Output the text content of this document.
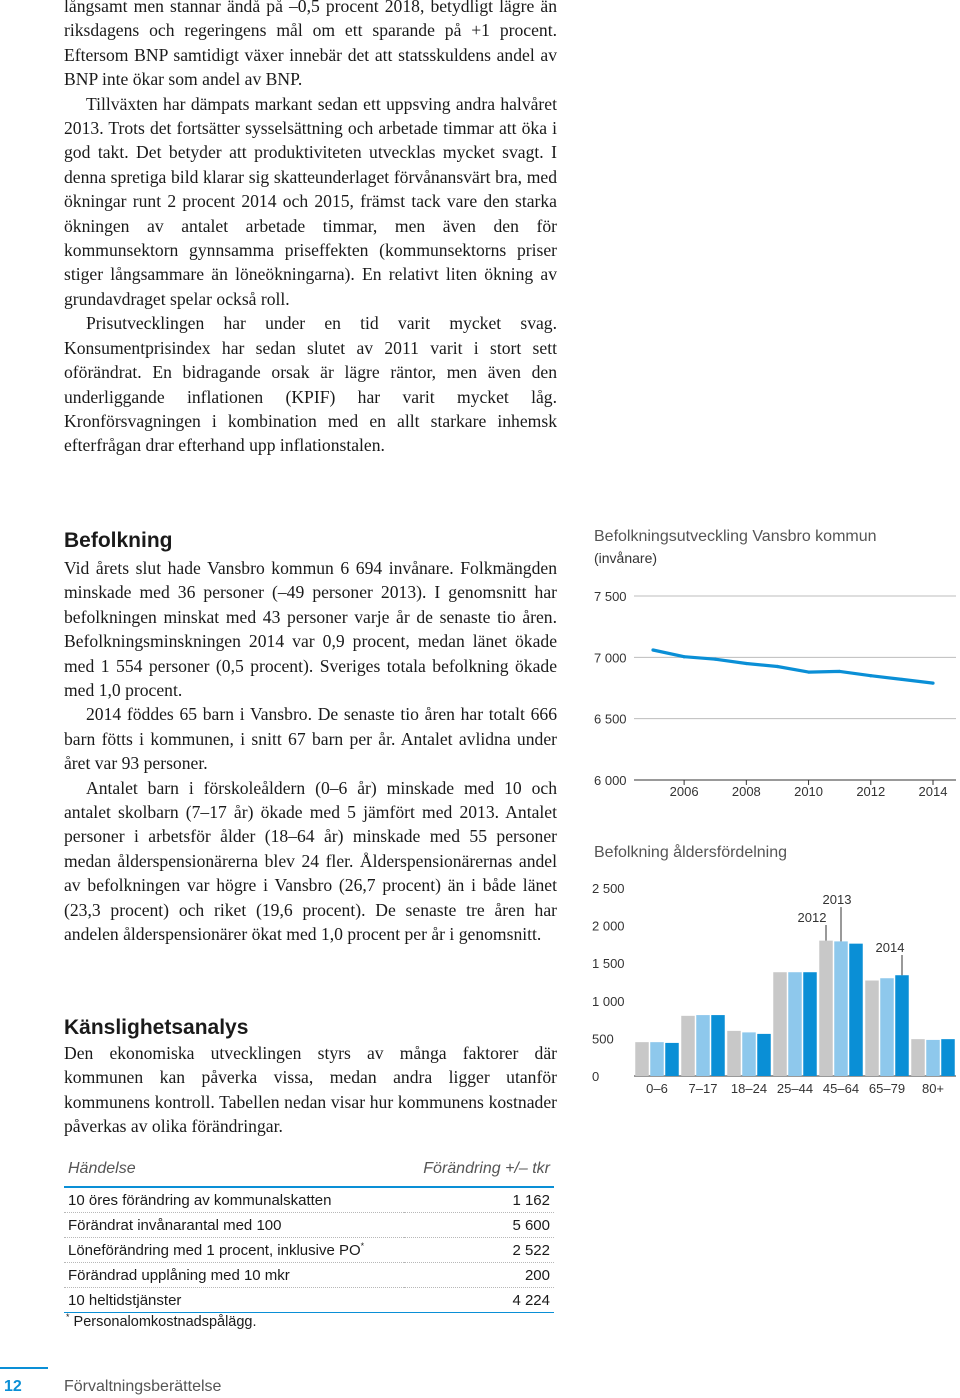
långsamt men stannar ändå på –0,5 procent 2018, betydligt lägre än riksdagens och regeringens mål om ett sparande på +1 procent. Eftersom BNP samtidigt växer innebär det att statsskuldens andel av BNP inte ökar som andel av BNP.

Tillväxten har dämpats markant sedan ett uppsving andra halvåret 2013. Trots det fortsätter sysselsättning och arbetade timmar att öka i god takt. Det betyder att produktiviteten utvecklas mycket svagt. I denna spretiga bild klarar sig skatteunderlaget förvånansvärt bra, med ökningar runt 2 procent 2014 och 2015, främst tack vare den starka ökningen av antalet arbetade timmar, men även den för kommunsektorn gynnsamma priseffekten (kommunsektorns priser stiger långsammare än löneökningarna). En relativt liten ökning av grundavdraget spelar också roll.

Prisutvecklingen har under en tid varit mycket svag. Konsumentprisindex har sedan slutet av 2011 varit i stort sett oförändrat. En bidragande orsak är lägre räntor, men även den underliggande inflationen (KPIF) har varit mycket låg. Kronförsvagningen i kombination med en allt starkare inhemsk efterfrågan drar efterhand upp inflationstalen.

Befolkning

Vid årets slut hade Vansbro kommun 6 694 invånare. Folkmängden minskade med 36 personer (–49 personer 2013). I genomsnitt har befolkningen minskat med 43 personer varje år de senaste tio åren. Befolkningsminskningen 2014 var 0,9 procent, medan länet ökade med 1 554 personer (0,5 procent). Sveriges totala befolkning ökade med 1,0 procent.

2014 föddes 65 barn i Vansbro. De senaste tio åren har totalt 666 barn fötts i kommunen, i snitt 67 barn per år. Antalet avlidna under året var 93 personer.

Antalet barn i förskoleåldern (0–6 år) minskade med 10 och antalet skolbarn (7–17 år) ökade med 5 jämfört med 2013. Antalet personer i arbetsför ålder (18–64 år) minskade med 55 personer medan ålderspensionärerna blev 24 fler. Ålderspensionärernas andel av befolkningen var högre i Vansbro (26,7 procent) än i både länet (23,3 procent) och riket (19,6 procent). De senaste tre åren har andelen ålderspensionärer ökat med 1,0 procent per år i genomsnitt.

Känslighetsanalys

Den ekonomiska utvecklingen styrs av många faktorer där kommunen kan påverka vissa, medan andra ligger utanför kommunens kontroll. Tabellen nedan visar hur kommunens kostnader påverkas av olika förändringar.

Befolkningsutveckling Vansbro kommun
(invånare)
7 500
7 000
6 500
6 000
2006	2008	2010	2012	2014
Befolkning åldersfördelning
2 500
2 000
1 500
1 000
500
0
0–6 7–17 18–24 25–44 45–64 65–79 80+
2012
2013
2014
Händelse	Förändring +/– tkr
10 öres förändring av kommunalskatten	1 162
Förändrat invånarantal med 100	5 600
Löneförändring med 1 procent, inklusive PO*	2 522
Förändrad upplåning med 10 mkr	200
10 heltidstjänster	4 224
* Personalomkostnadspålägg.
12	Förvaltningsberättelse
